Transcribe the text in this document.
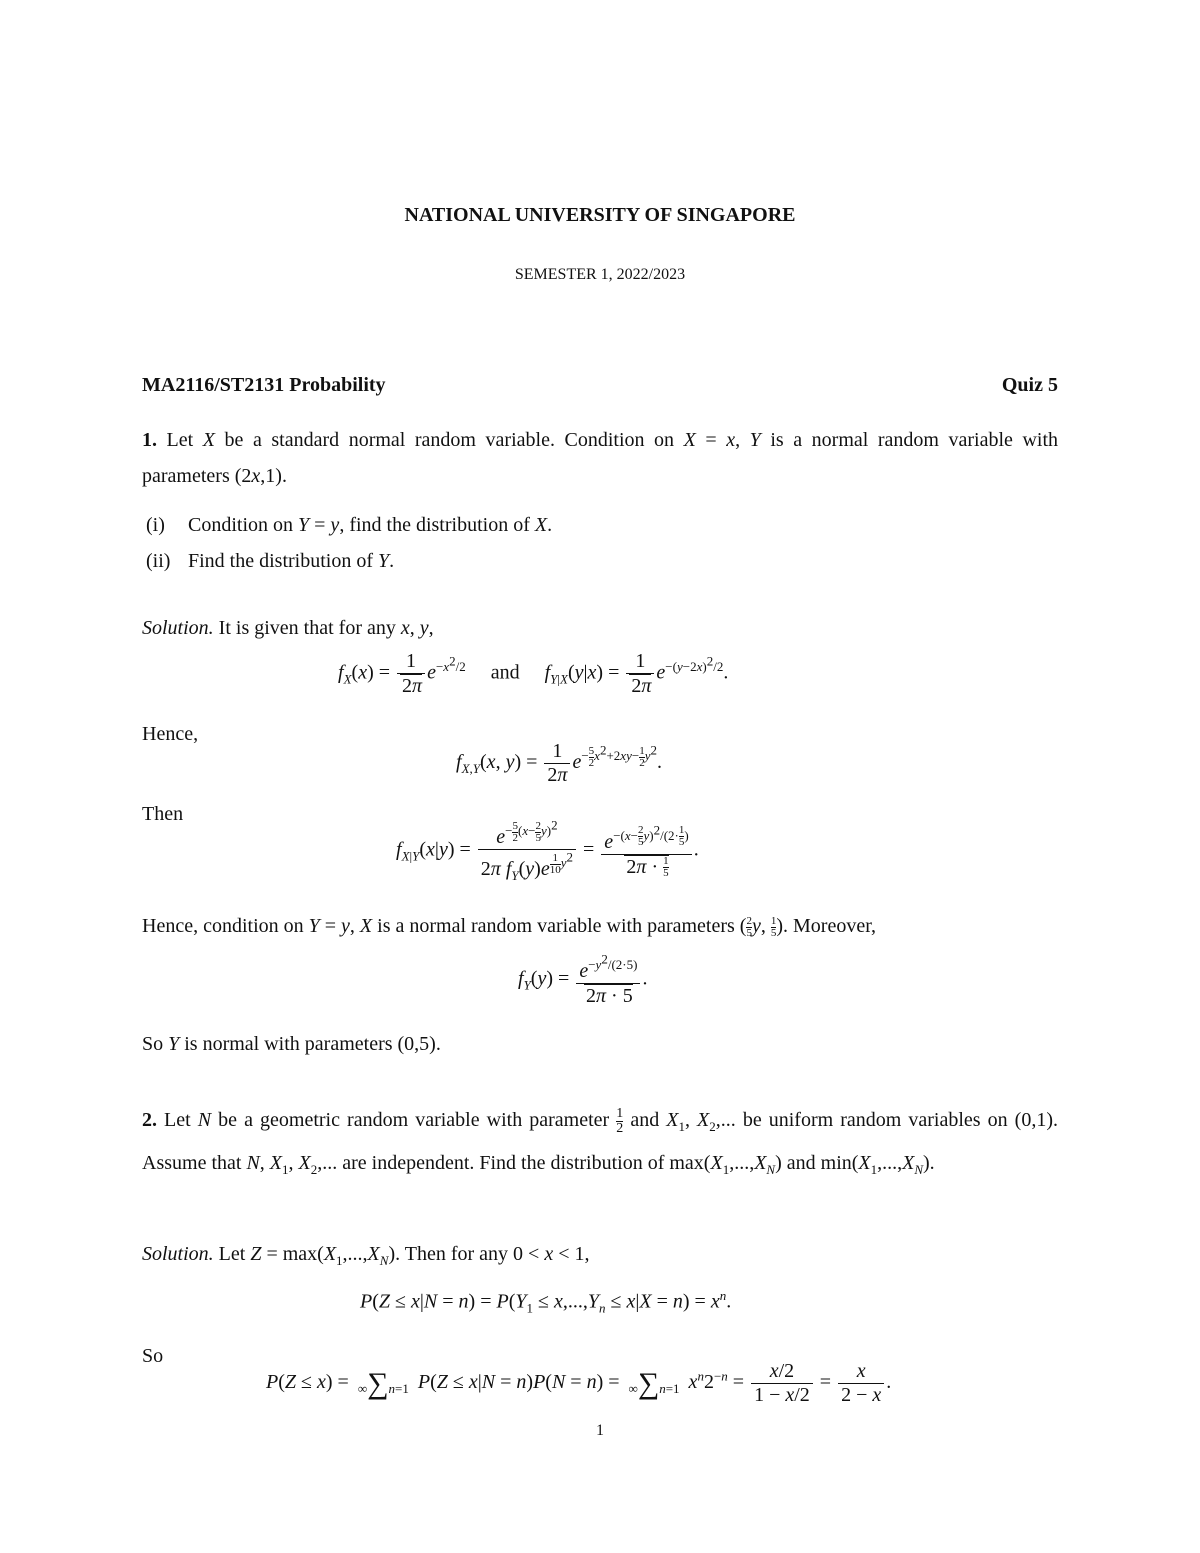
NATIONAL UNIVERSITY OF SINGAPORE
SEMESTER 1, 2022/2023
MA2116/ST2131 Probability	Quiz 5
1. Let X be a standard normal random variable. Condition on X = x, Y is a normal random variable with parameters (2x,1).
(i) Condition on Y = y, find the distribution of X.
(ii) Find the distribution of Y.
Solution. It is given that for any x, y,
$f_X(x) = \frac{1}{2\pi} e^{-x^2/2}$ and $f_{Y|X}(y|x) = \frac{1}{2\pi} e^{-(y-2x)^2/2}$.
Hence,
$f_{X,Y}(x$, $y) = \frac{1}{2\pi} e^{- \frac{5}{2} x^2+2xy- \frac{1}{2} y^2}$.
Then
$f_{X|Y}(x|y) = e^{- \frac{5}{2} (x- \frac{2}{5} y)^2}$
2π $f_Y(y)e$ $^{\frac{1}{10} y^2} = e^{-(x- \frac{2}{5} y)^2/(2\cdot \frac{1}{5} )}$
$2\pi \cdot \frac{1}{5}$ .
Hence, condition on Y = y, X is a normal random variable with parameters ( $\frac{2}{5} y$, $\frac{1}{5}$ ). Moreover,
$f_Y(y) = \frac{e^{-y^2/(2\cdot 5)}}{2\pi \cdot 5}$ .
So Y is normal with parameters (0,5).
2. Let N be a geometric random variable with parameter $\frac{1}{2}$ and $X_1$, $X_2$,... be uniform random variables on (0,1). Assume that N, $X_1$, $X_2$,... are independent. Find the distribution of $\max(X_1,...,X_N)$ and $\min(X_1,...,X_N)$.
Solution. Let $Z = \max(X_1,...,X_N)$. Then for any 0 < x < 1,
$P(Z \le x|N = n) = P(Y_1 \le x,...,Y_n \le x|X = n) = x^n$.
So
P(Z ≤ x) = ∞∑n=1 P(Z ≤ x|N = n)P(N = n) = ∞∑n=1 $x^n2^{-n} = \frac{x/2}{1 - x/2} = \frac{x}{2 - x}$ .
1
